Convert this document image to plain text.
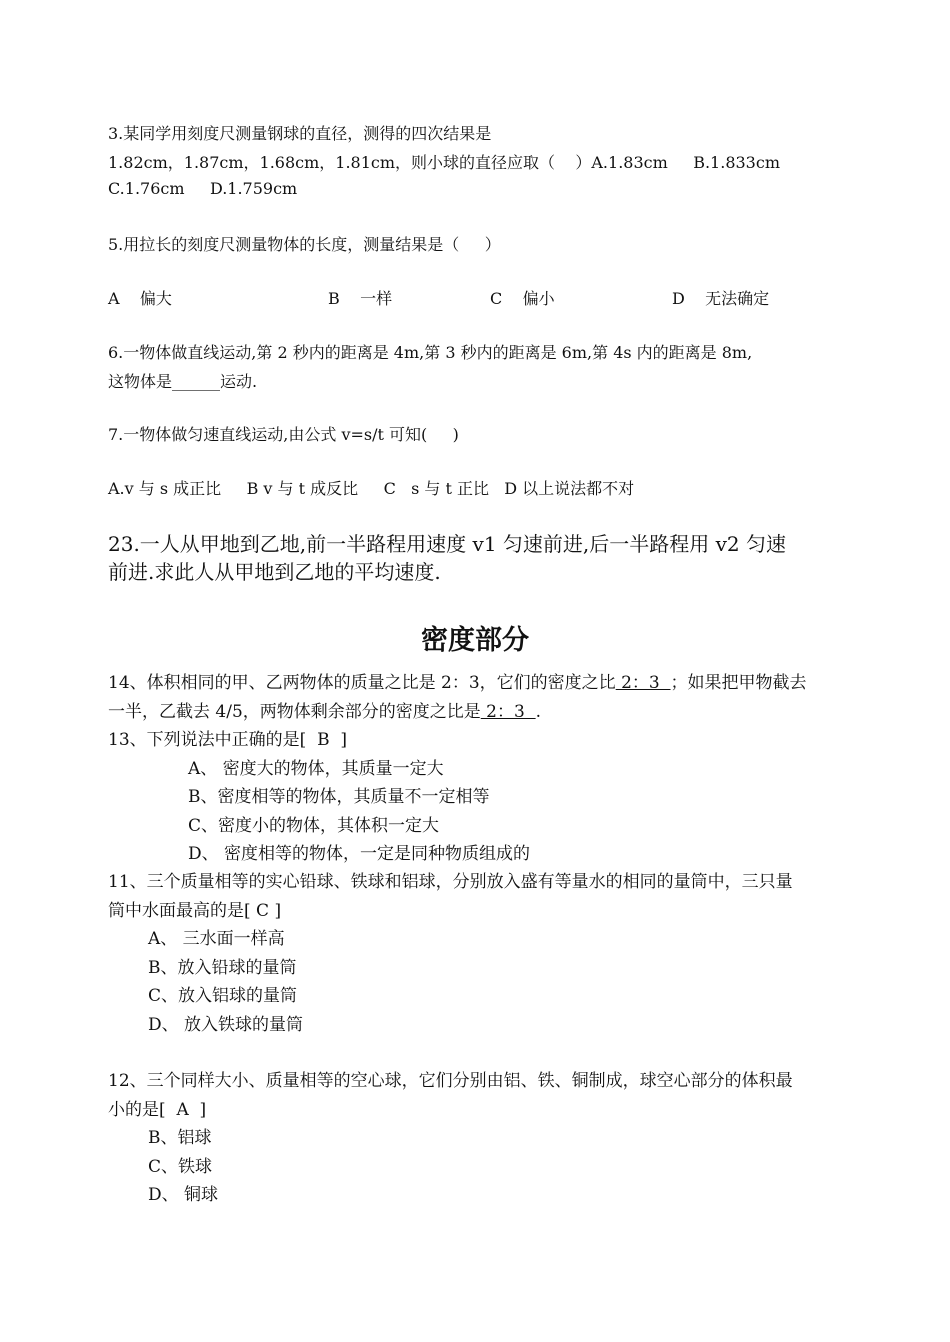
3.某同学用刻度尺测量钢球的直径，测得的四次结果是
1.82cm，1.87cm，1.68cm，1.81cm，则小球的直径应取（    ）A.1.83cm     B.1.833cm
C.1.76cm     D.1.759cm
5.用拉长的刻度尺测量物体的长度，测量结果是（     ）
A    偏大	B    一样	C    偏小	D    无法确定
6.一物体做直线运动,第 2 秒内的距离是 4m,第 3 秒内的距离是 6m,第 4s 内的距离是 8m,
这物体是______运动.
7.一物体做匀速直线运动,由公式 v=s/t 可知(     )
A.v 与 s 成正比     B v 与 t 成反比     C   s 与 t 正比   D 以上说法都不对
23.一人从甲地到乙地,前一半路程用速度 v1 匀速前进,后一半路程用 v2 匀速
前进.求此人从甲地到乙地的平均速度.
密度部分
14、体积相同的甲、乙两物体的质量之比是 2：3，它们的密度之比 2：3  ；如果把甲物截去
一半，乙截去 4/5，两物体剩余部分的密度之比是 2：3  .
13、下列说法中正确的是[  B  ]
A、 密度大的物体，其质量一定大
B、密度相等的物体，其质量不一定相等
C、密度小的物体，其体积一定大
D、 密度相等的物体，一定是同种物质组成的
11、三个质量相等的实心铅球、铁球和铝球，分别放入盛有等量水的相同的量筒中，三只量
筒中水面最高的是[ C ]
A、 三水面一样高
B、放入铅球的量筒
C、放入铝球的量筒
D、 放入铁球的量筒
12、三个同样大小、质量相等的空心球，它们分别由铝、铁、铜制成，球空心部分的体积最
小的是[  A  ]
B、铝球
C、铁球
D、 铜球
